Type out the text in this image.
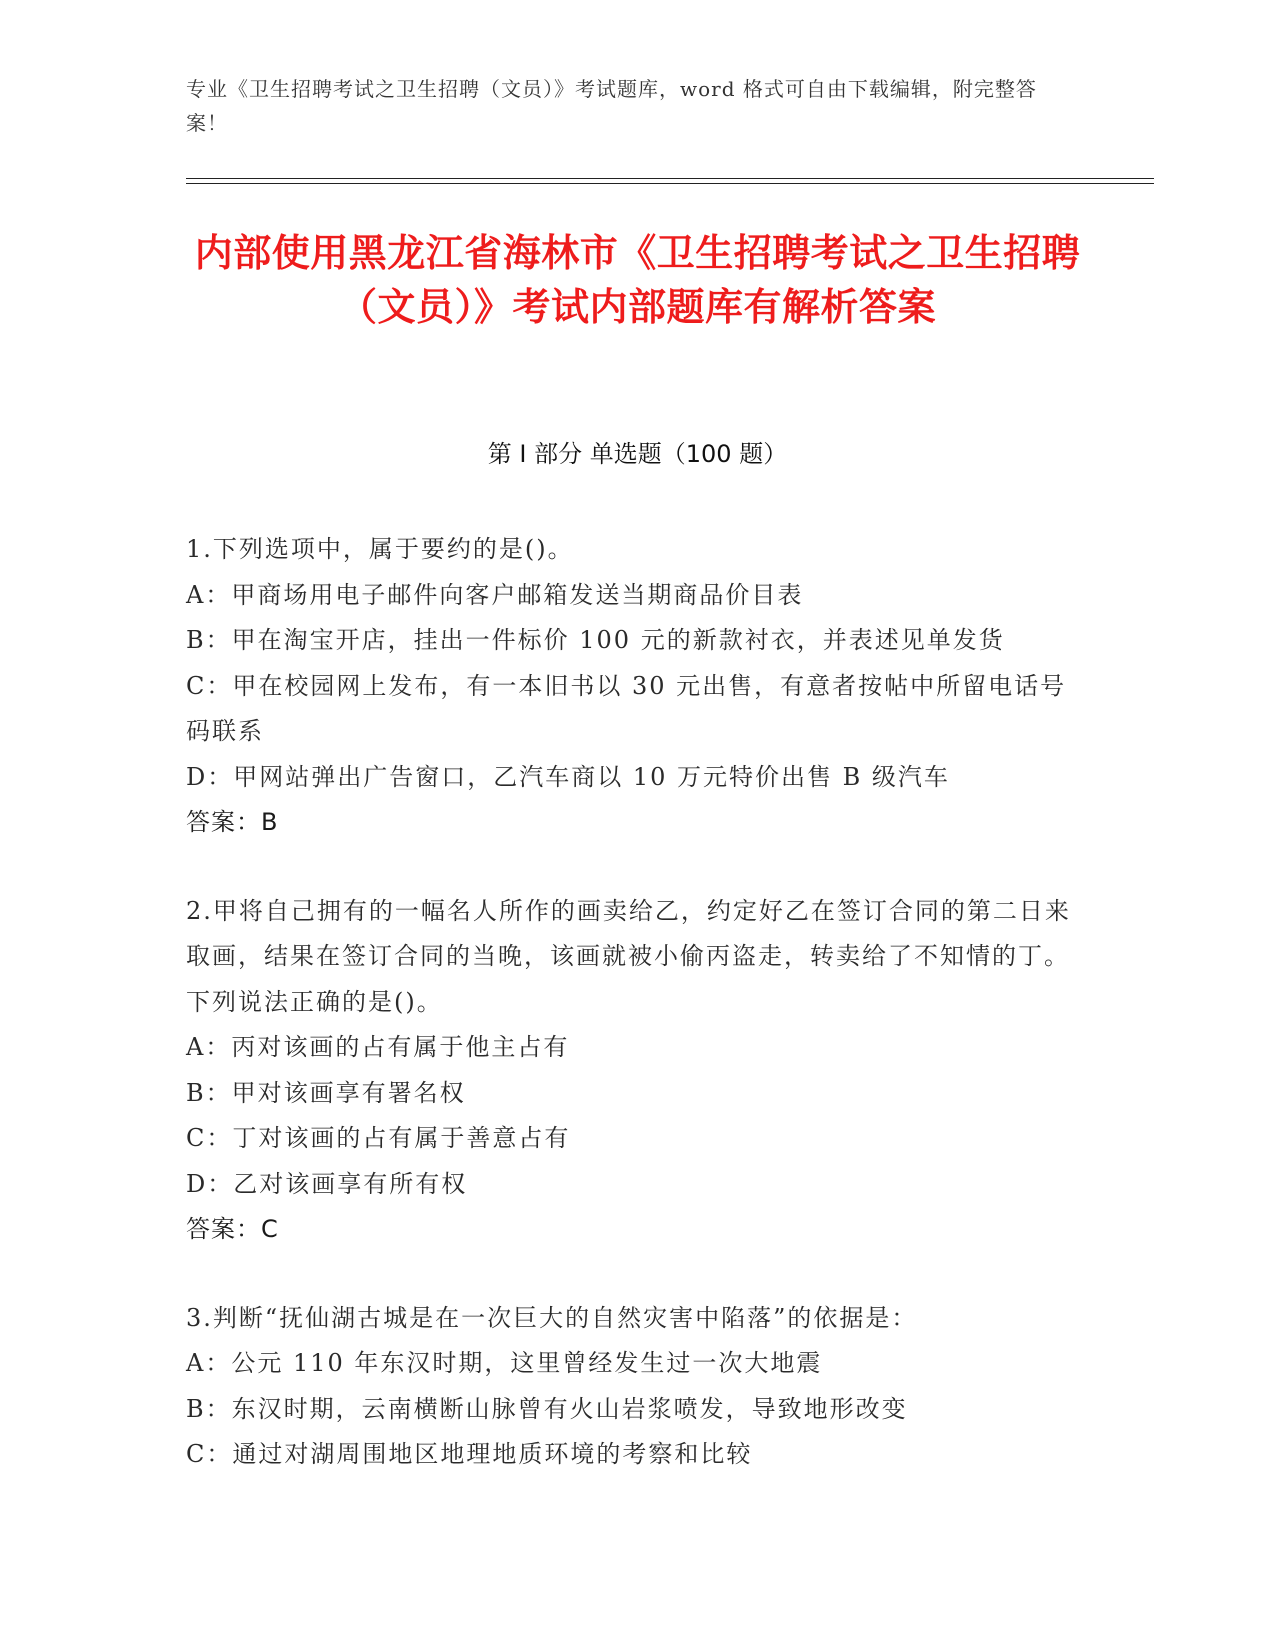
专业《卫生招聘考试之卫生招聘（文员）》考试题库，word 格式可自由下载编辑，附完整答案！
内部使用黑龙江省海林市《卫生招聘考试之卫生招聘（文员）》考试内部题库有解析答案
第 I 部分 单选题（100 题）

1.下列选项中，属于要约的是()。

A：甲商场用电子邮件向客户邮箱发送当期商品价目表

B：甲在淘宝开店，挂出一件标价 100 元的新款衬衣，并表述见单发货

C：甲在校园网上发布，有一本旧书以 30 元出售，有意者按帖中所留电话号码联系

D：甲网站弹出广告窗口，乙汽车商以 10 万元特价出售 B 级汽车

答案：B

2.甲将自己拥有的一幅名人所作的画卖给乙，约定好乙在签订合同的第二日来取画，结果在签订合同的当晚，该画就被小偷丙盗走，转卖给了不知情的丁。下列说法正确的是()。

A：丙对该画的占有属于他主占有

B：甲对该画享有署名权

C：丁对该画的占有属于善意占有

D：乙对该画享有所有权

答案：C

3.判断“抚仙湖古城是在一次巨大的自然灾害中陷落”的依据是：

A：公元 110 年东汉时期，这里曾经发生过一次大地震

B：东汉时期，云南横断山脉曾有火山岩浆喷发，导致地形改变

C：通过对湖周围地区地理地质环境的考察和比较
